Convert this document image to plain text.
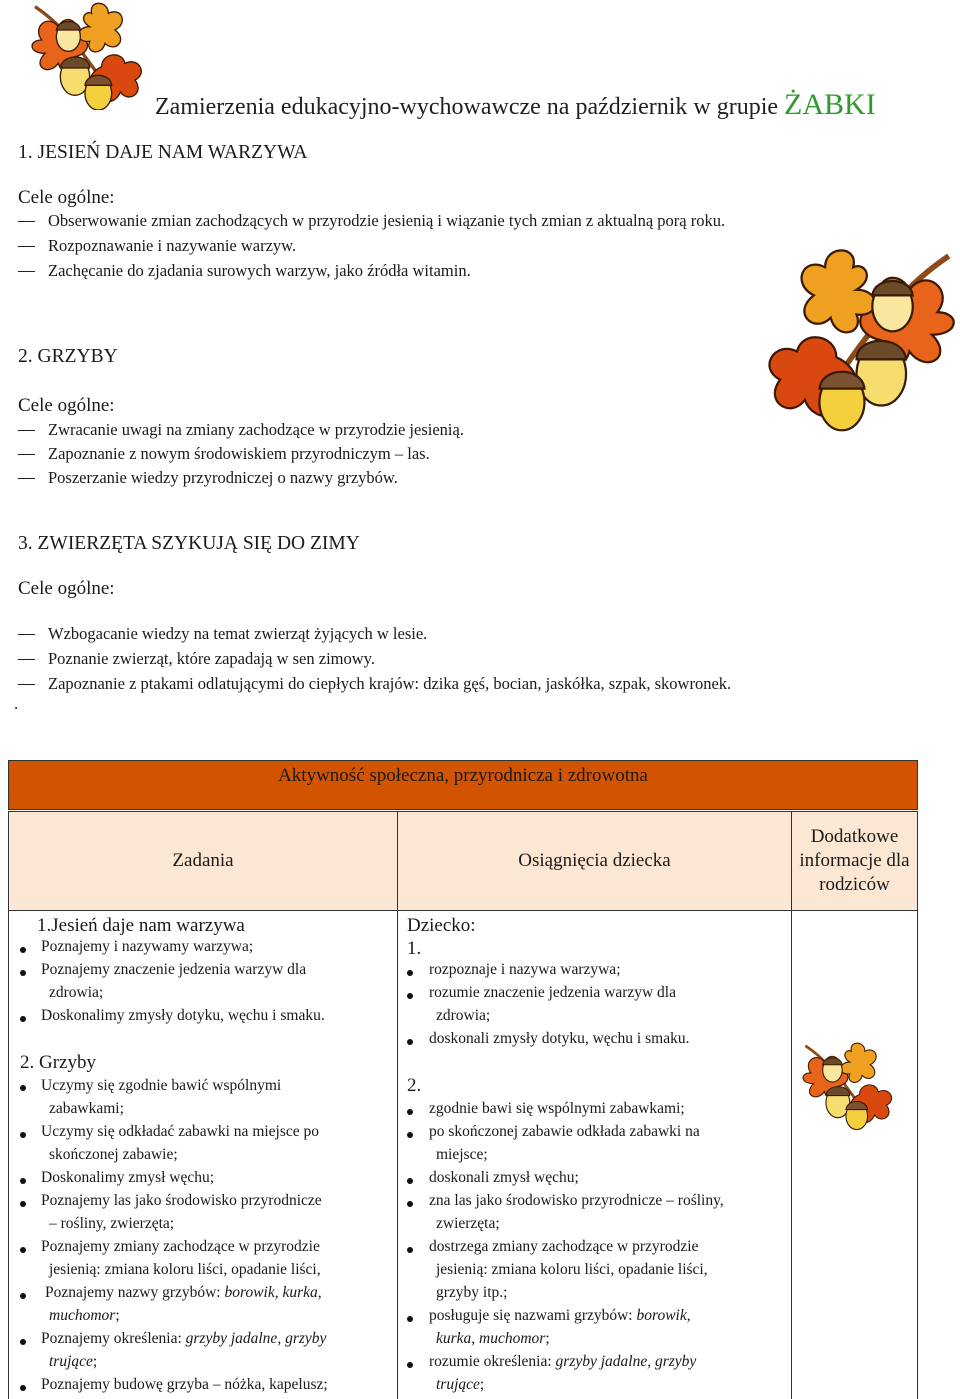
Zamierzenia edukacyjno-wychowawcze na październik w grupie ŻABKI
1. JESIEŃ DAJE NAM WARZYWA
Cele ogólne:
Obserwowanie zmian zachodzących w przyrodzie jesienią i wiązanie tych zmian z aktualną porą roku.
Rozpoznawanie i nazywanie warzyw.
Zachęcanie do zjadania surowych warzyw, jako źródła witamin.
2. GRZYBY
Cele ogólne:
Zwracanie uwagi na zmiany zachodzące w przyrodzie jesienią.
Zapoznanie z nowym środowiskiem przyrodniczym – las.
Poszerzanie wiedzy przyrodniczej o nazwy grzybów.
3. ZWIERZĘTA SZYKUJĄ SIĘ DO ZIMY
Cele ogólne:
Wzbogacanie wiedzy na temat zwierząt żyjących w lesie.
Poznanie zwierząt, które zapadają w sen zimowy.
Zapoznanie z ptakami odlatującymi do ciepłych krajów: dzika gęś, bocian, jaskółka, szpak, skowronek.
.
Aktywność społeczna, przyrodnicza i zdrowotna
Zadania	Osiągnięcia dziecka
Dodatkowe informacje dla rodziców
1.Jesień daje nam warzywa
Poznajemy i nazywamy warzywa;
Poznajemy znaczenie jedzenia warzyw dla
zdrowia;
Doskonalimy zmysły dotyku, węchu i smaku.
2. Grzyby
Uczymy się zgodnie bawić wspólnymi
zabawkami;
Uczymy się odkładać zabawki na miejsce po
skończonej zabawie;
Doskonalimy zmysł węchu;
Poznajemy las jako środowisko przyrodnicze
– rośliny, zwierzęta;
Poznajemy zmiany zachodzące w przyrodzie
jesienią: zmiana koloru liści, opadanie liści,
Poznajemy nazwy grzybów: borowik, kurka,
muchomor;
Poznajemy określenia: grzyby jadalne, grzyby
trujące;
Poznajemy budowę grzyba – nóżka, kapelusz;
Dziecko:
1.
rozpoznaje i nazywa warzywa;
rozumie znaczenie jedzenia warzyw dla
zdrowia;
doskonali zmysły dotyku, węchu i smaku.
2.
zgodnie bawi się wspólnymi zabawkami;
po skończonej zabawie odkłada zabawki na
miejsce;
doskonali zmysł węchu;
zna las jako środowisko przyrodnicze – rośliny,
zwierzęta;
dostrzega zmiany zachodzące w przyrodzie
jesienią: zmiana koloru liści, opadanie liści,
grzyby itp.;
posługuje się nazwami grzybów: borowik,
kurka, muchomor;
rozumie określenia: grzyby jadalne, grzyby
trujące;
